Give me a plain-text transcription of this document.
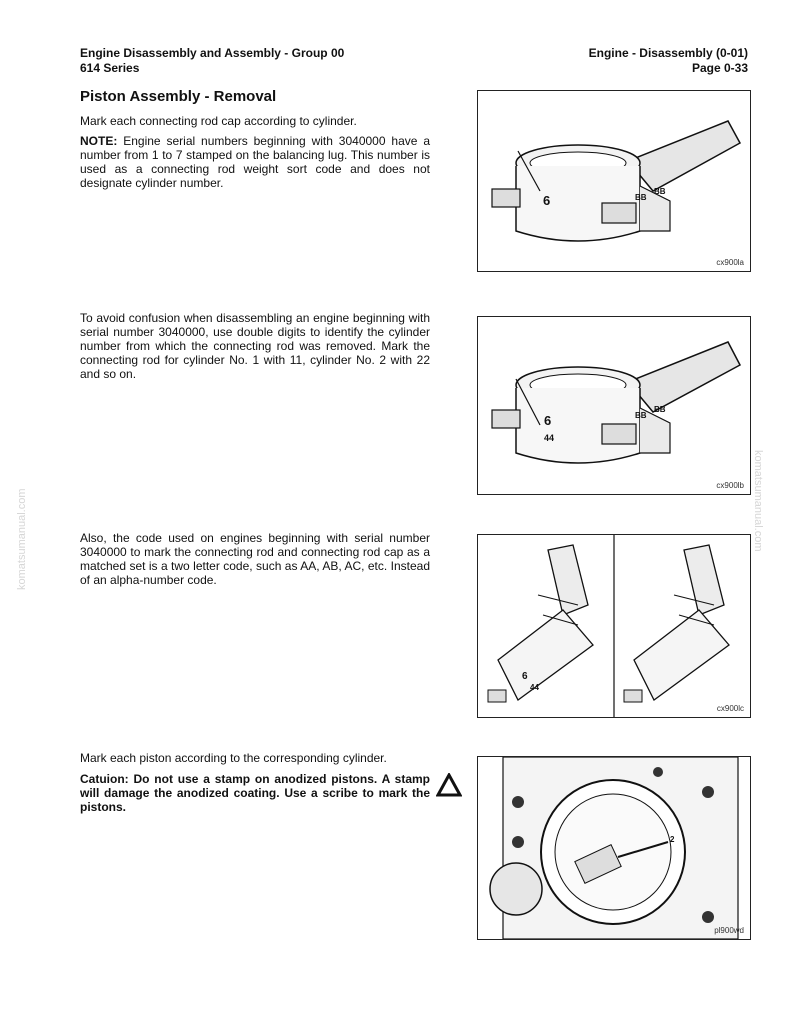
Engine Disassembly and Assembly - Group 00
614 Series
Engine - Disassembly (0-01)
Page 0-33
Piston Assembly - Removal

Mark each connecting rod cap according to cylinder.

NOTE: Engine serial numbers beginning with 3040000 have a number from 1 to 7 stamped on the balancing lug. This number is used as a connecting rod weight sort code and does not designate cylinder number.

To avoid confusion when disassembling an engine beginning with serial number 3040000, use double digits to identify the cylinder number from which the connecting rod was removed. Mark the connecting rod for cylinder No. 1 with 11, cylinder No. 2 with 22 and so on.

Also, the code used on engines beginning with serial number 3040000 to mark the connecting rod and connecting rod cap as a matched set is a two letter code, such as AA, AB, AC, etc. Instead of an alpha-number code.

Mark each piston according to the corresponding cylinder.

Catuion: Do not use a stamp on anodized pistons. A stamp will damage the anodized coating. Use a scribe to mark the pistons.

6	BB
BB
cx900la
6
44
BB
BB
cx900lb
6
44
cx900lc
2
pl900wd
komatsumanual.com	komatsumanual.com
